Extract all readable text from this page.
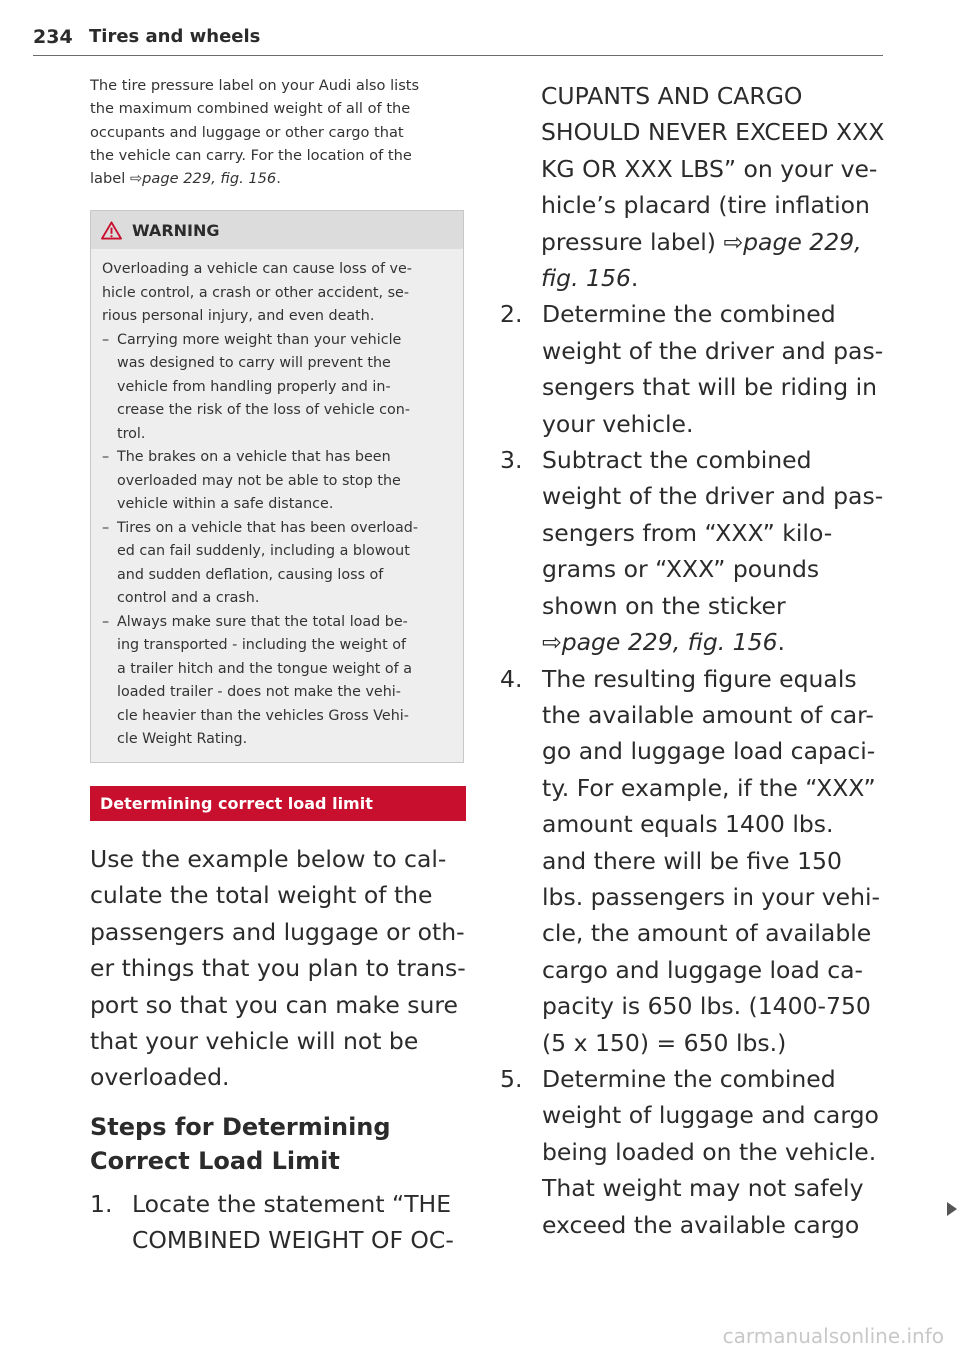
234 Tires and wheels

The tire pressure label on your Audi also lists
the maximum combined weight of all of the
occupants and luggage or other cargo that
the vehicle can carry. For the location of the
label ⇨page 229, fig. 156.

WARNING

Overloading a vehicle can cause loss of ve-
hicle control, a crash or other accident, se-
rious personal injury, and even death.

– Carrying more weight than your vehicle
was designed to carry will prevent the
vehicle from handling properly and in-
crease the risk of the loss of vehicle con-
trol.
– The brakes on a vehicle that has been
overloaded may not be able to stop the
vehicle within a safe distance.
– Tires on a vehicle that has been overload-
ed can fail suddenly, including a blowout
and sudden deflation, causing loss of
control and a crash.
– Always make sure that the total load be-
ing transported - including the weight of
a trailer hitch and the tongue weight of a
loaded trailer - does not make the vehi-
cle heavier than the vehicles Gross Vehi-
cle Weight Rating.
Determining correct load limit

Use the example below to cal-
culate the total weight of the
passengers and luggage or oth-
er things that you plan to trans-
port so that you can make sure
that your vehicle will not be
overloaded.

Steps for Determining
Correct Load Limit
1. Locate the statement “THE
COMBINED WEIGHT OF OC-

CUPANTS AND CARGO
SHOULD NEVER EXCEED XXX
KG OR XXX LBS” on your ve-
hicle’s placard (tire inflation
pressure label) ⇨page 229,
fig. 156.

2. Determine the combined
weight of the driver and pas-
sengers that will be riding in
your vehicle.
3. Subtract the combined
weight of the driver and pas-
sengers from “XXX” kilo-
grams or “XXX” pounds
shown on the sticker
⇨page 229, fig. 156.
4. The resulting figure equals
the available amount of car-
go and luggage load capaci-
ty. For example, if the “XXX”
amount equals 1400 lbs.
and there will be five 150
lbs. passengers in your vehi-
cle, the amount of available
cargo and luggage load ca-
pacity is 650 lbs. (1400-750
(5 x 150) = 650 lbs.)
5. Determine the combined
weight of luggage and cargo
being loaded on the vehicle.
That weight may not safely
exceed the available cargo
carmanualsonline.info
